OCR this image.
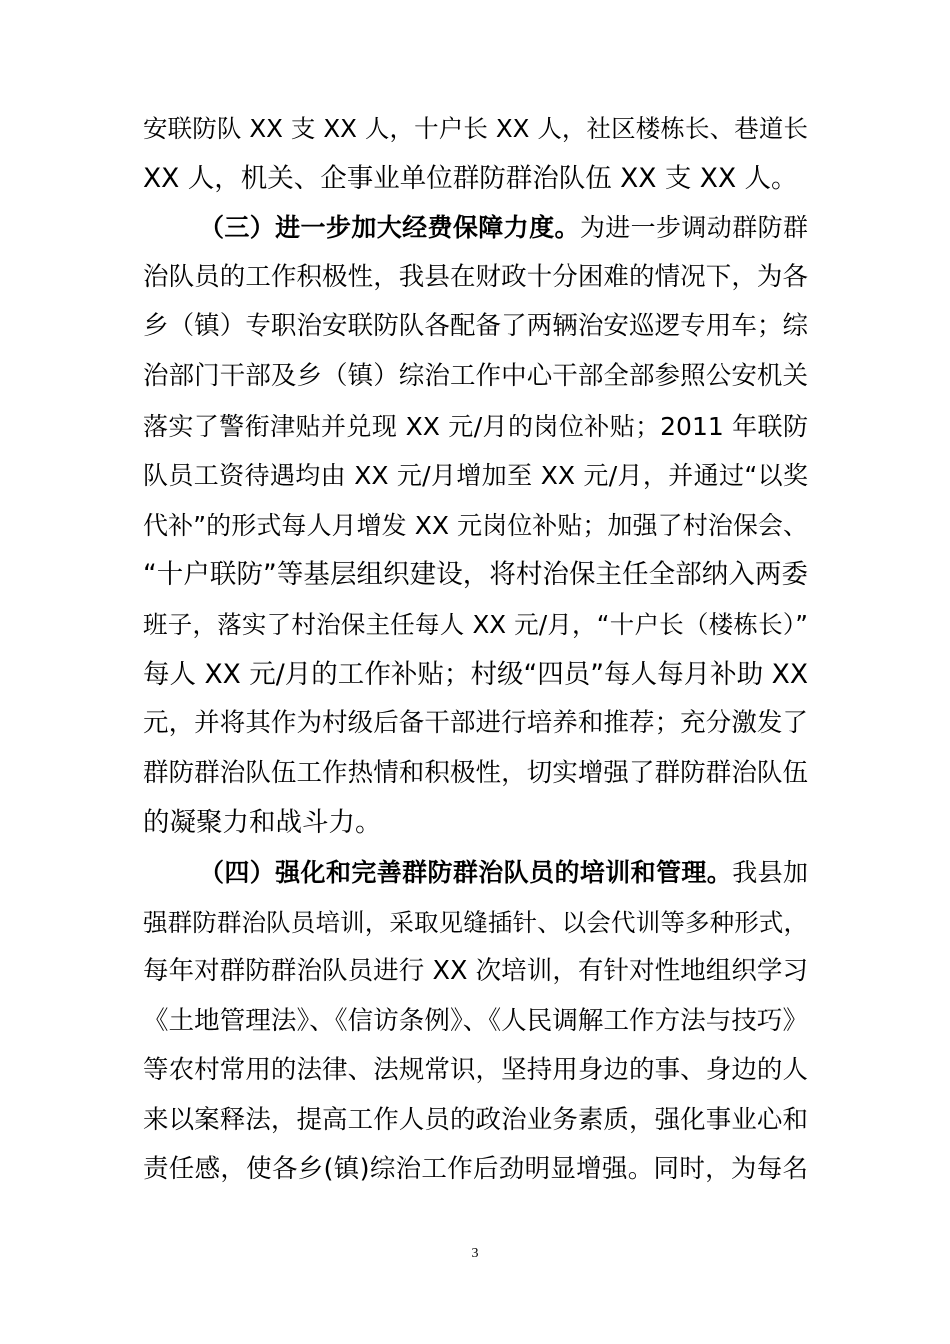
安联防队 XX 支 XX 人，十户长 XX 人，社区楼栋长、巷道长
XX 人，机关、企事业单位群防群治队伍 XX 支 XX 人。
（三）进一步加大经费保障力度。为进一步调动群防群
治队员的工作积极性，我县在财政十分困难的情况下，为各
乡（镇）专职治安联防队各配备了两辆治安巡逻专用车；综
治部门干部及乡（镇）综治工作中心干部全部参照公安机关
落实了警衔津贴并兑现 XX 元/月的岗位补贴；2011 年联防
队员工资待遇均由 XX 元/月增加至 XX 元/月，并通过“以奖
代补”的形式每人月增发 XX 元岗位补贴；加强了村治保会、
“十户联防”等基层组织建设，将村治保主任全部纳入两委
班子，落实了村治保主任每人 XX 元/月，“十户长（楼栋长）”
每人 XX 元/月的工作补贴；村级“四员”每人每月补助 XX
元，并将其作为村级后备干部进行培养和推荐；充分激发了
群防群治队伍工作热情和积极性，切实增强了群防群治队伍
的凝聚力和战斗力。
（四）强化和完善群防群治队员的培训和管理。我县加
强群防群治队员培训，采取见缝插针、以会代训等多种形式，
每年对群防群治队员进行 XX 次培训，有针对性地组织学习
《土地管理法》、《信访条例》、《人民调解工作方法与技巧》
等农村常用的法律、法规常识，坚持用身边的事、身边的人
来以案释法，提高工作人员的政治业务素质，强化事业心和
责任感，使各乡(镇)综治工作后劲明显增强。同时，为每名
3
